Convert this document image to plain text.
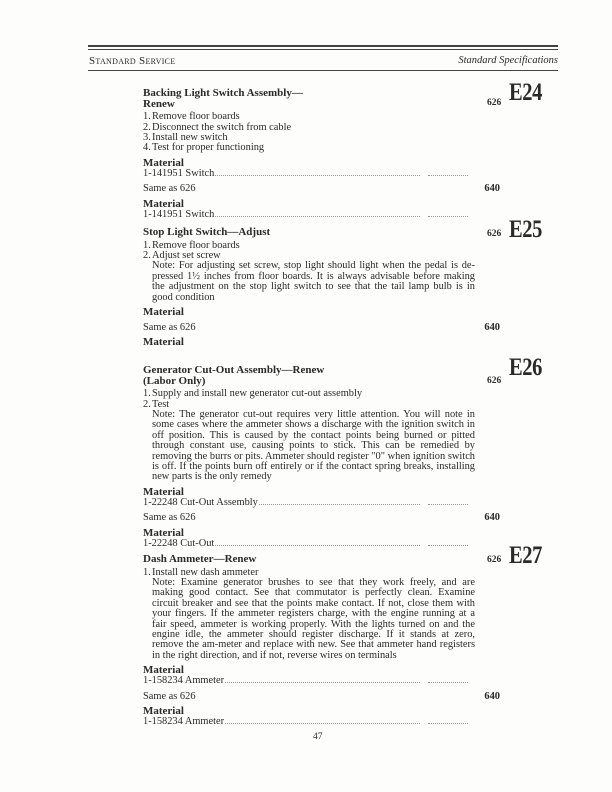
Standard Service	Standard Specifications
Backing Light Switch Assembly—
Renew
1. Remove floor boards
2. Disconnect the switch from cable
3. Install new switch
4. Test for proper functioning
Material
1-141951 Switch
Same as 626	640
Material
1-141951 Switch
626 E24
Stop Light Switch—Adjust
1. Remove floor boards
2. Adjust set screw
Note: For adjusting set screw, stop light should light when the pedal is de-pressed 1½ inches from floor boards. It is always advisable before making the adjustment on the stop light switch to see that the tail lamp bulb is in good condition
Material
Same as 626	640
Material
626 E25
Generator Cut-Out Assembly—Renew
(Labor Only)
1. Supply and install new generator cut-out assembly
2. Test
Note: The generator cut-out requires very little attention. You will note in some cases where the ammeter shows a discharge with the ignition switch in off position. This is caused by the contact points being burned or pitted through constant use, causing points to stick. This can be remedied by removing the burrs or pits. Ammeter should register "0" when ignition switch is off. If the points burn off entirely or if the contact spring breaks, installing new parts is the only remedy
Material
1-22248 Cut-Out Assembly
Same as 626	640
Material
1-22248 Cut-Out
626 E26
Dash Ammeter—Renew
1. Install new dash ammeter
Note: Examine generator brushes to see that they work freely, and are making good contact. See that commutator is perfectly clean. Examine circuit breaker and see that the points make contact. If not, close them with your fingers. If the ammeter registers charge, with the engine running at a fair speed, ammeter is working properly. With the lights turned on and the engine idle, the ammeter should register discharge. If it stands at zero, remove the am-meter and replace with new. See that ammeter hand registers in the right direction, and if not, reverse wires on terminals
Material
1-158234 Ammeter
Same as 626	640
Material
1-158234 Ammeter
626 E27
47
